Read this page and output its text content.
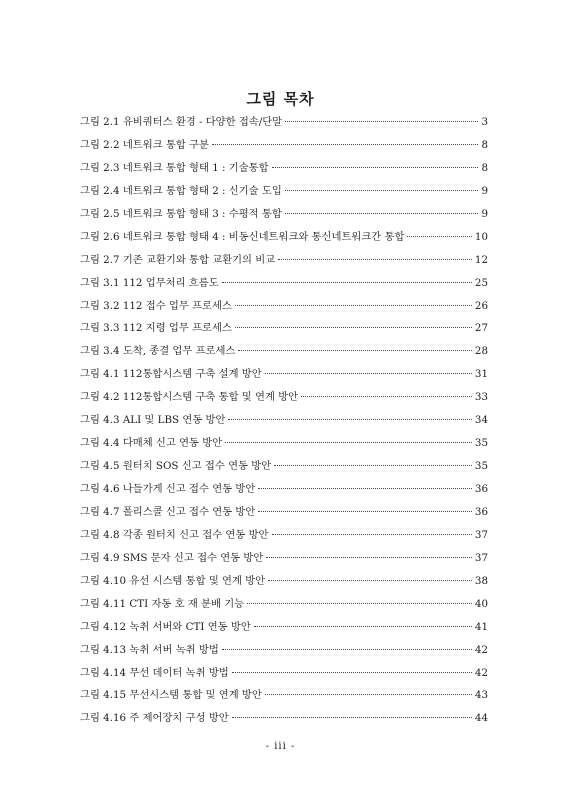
그림 목차
그림 2.1 유비쿼터스 환경 - 다양한 접속/단말	3
그림 2.2 네트워크 통합 구분	8
그림 2.3 네트워크 통합 형태 1 : 기술통합	8
그림 2.4 네트워크 통합 형태 2 : 신기술 도입	9
그림 2.5 네트워크 통합 형태 3 : 수평적 통합	9
그림 2.6 네트워크 통합 형태 4 : 비동신네트워크와 통신네트워크간 통합	10
그림 2.7 기존 교환기와 통합 교환기의 비교	12
그림 3.1 112 업무처리 흐름도	25
그림 3.2 112 접수 업무 프로세스	26
그림 3.3 112 지령 업무 프로세스	27
그림 3.4 도착, 종결 업무 프로세스	28
그림 4.1 112통합시스템 구축 설계 방안	31
그림 4.2 112통합시스템 구축 통합 및 연계 방안	33
그림 4.3 ALI 및 LBS 연동 방안	34
그림 4.4 다매체 신고 연동 방안	35
그림 4.5 원터치 SOS 신고 접수 연동 방안	35
그림 4.6 나들가게 신고 접수 연동 방안	36
그림 4.7 폴리스콜 신고 접수 연동 방안	36
그림 4.8 각종 원터치 신고 접수 연동 방안	37
그림 4.9 SMS 문자 신고 접수 연동 방안	37
그림 4.10 유선 시스템 통합 및 연계 방안	38
그림 4.11 CTI 자동 호 재 분배 기능	40
그림 4.12 녹취 서버와 CTI 연동 방안	41
그림 4.13 녹취 서버 녹취 방법	42
그림 4.14 무선 데이터 녹취 방법	42
그림 4.15 무선시스템 통합 및 연계 방안	43
그림 4.16 주 제어장치 구성 방안	44
- iii -
